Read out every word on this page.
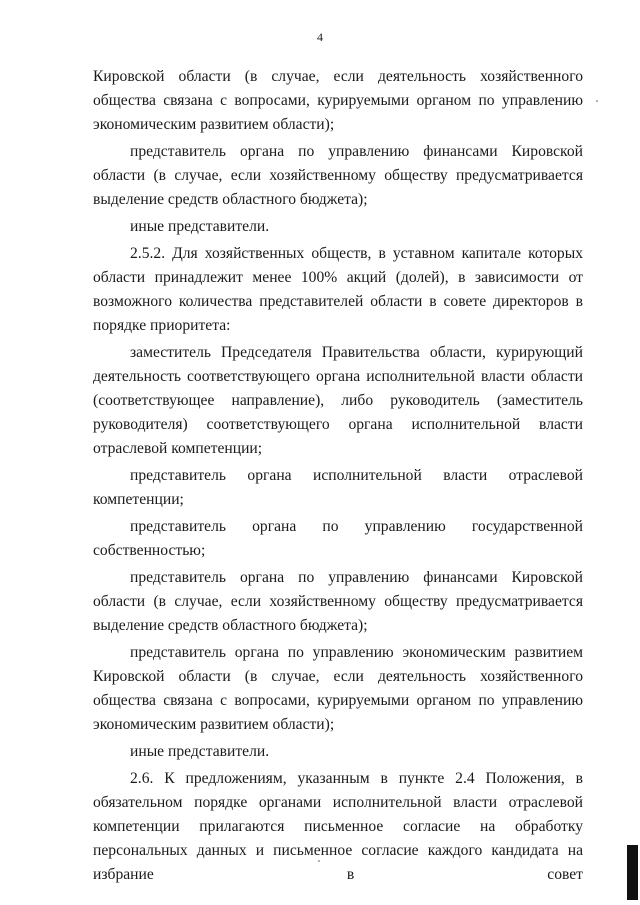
4

Кировской области (в случае, если деятельность хозяйственного общества связана с вопросами, курируемыми органом по управлению экономическим развитием области);

представитель органа по управлению финансами Кировской области (в случае, если хозяйственному обществу предусматривается выделение средств областного бюджета);

иные представители.

2.5.2. Для хозяйственных обществ, в уставном капитале которых области принадлежит менее 100% акций (долей), в зависимости от возможного количества представителей области в совете директоров в порядке приоритета:

заместитель Председателя Правительства области, курирующий деятельность соответствующего органа исполнительной власти области (соответствующее направление), либо руководитель (заместитель руководителя) соответствующего органа исполнительной власти отраслевой компетенции;

представитель органа исполнительной власти отраслевой компетенции;

представитель органа по управлению государственной собственностью;

представитель органа по управлению финансами Кировской области (в случае, если хозяйственному обществу предусматривается выделение средств областного бюджета);

представитель органа по управлению экономическим развитием Кировской области (в случае, если деятельность хозяйственного общества связана с вопросами, курируемыми органом по управлению экономическим развитием области);

иные представители.

2.6. К предложениям, указанным в пункте 2.4 Положения, в обязательном порядке органами исполнительной власти отраслевой компетенции прилагаются письменное согласие на обработку персональных данных и письменное согласие каждого кандидата на избрание в совет
